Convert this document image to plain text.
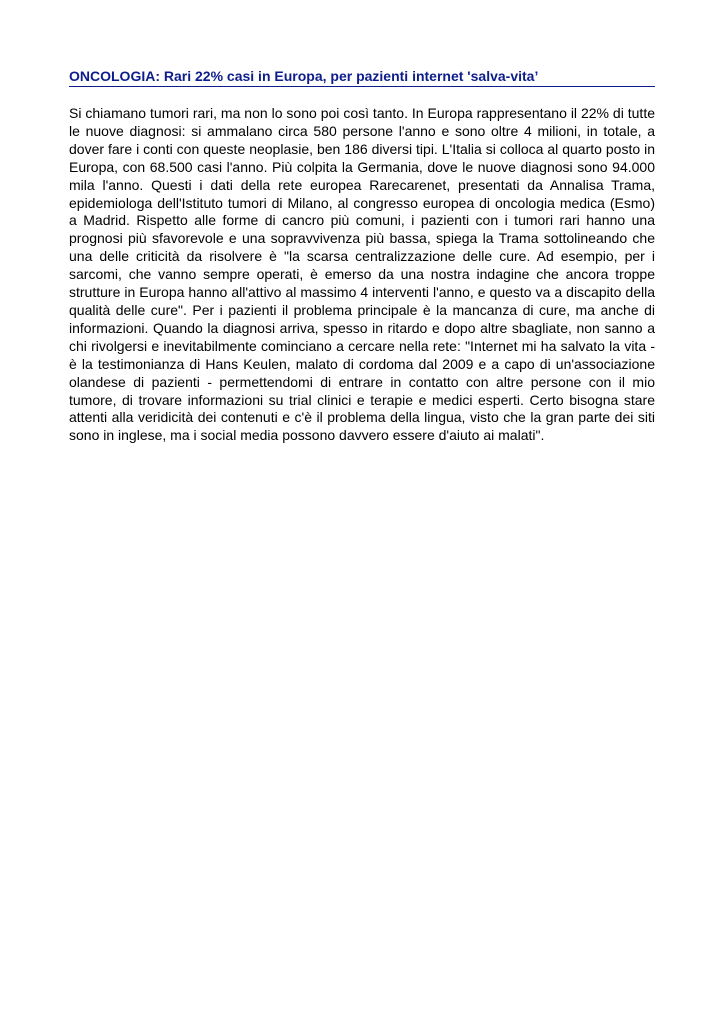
ONCOLOGIA: Rari 22% casi in Europa, per pazienti internet 'salva-vita’

Si chiamano tumori rari, ma non lo sono poi così tanto. In Europa rappresentano il 22% di tutte le nuove diagnosi: si ammalano circa 580 persone l'anno e sono oltre 4 milioni, in totale, a dover fare i conti con queste neoplasie, ben 186 diversi tipi. L'Italia si colloca al quarto posto in Europa, con 68.500 casi l'anno. Più colpita la Germania, dove le nuove diagnosi sono 94.000 mila l'anno. Questi i dati della rete europea Rarecarenet, presentati da Annalisa Trama, epidemiologa dell'Istituto tumori di Milano, al congresso europea di oncologia medica (Esmo) a Madrid. Rispetto alle forme di cancro più comuni, i pazienti con i tumori rari hanno una prognosi più sfavorevole e una sopravvivenza più bassa, spiega la Trama sottolineando che una delle criticità da risolvere è "la scarsa centralizzazione delle cure. Ad esempio, per i sarcomi, che vanno sempre operati, è emerso da una nostra indagine che ancora troppe strutture in Europa hanno all'attivo al massimo 4 interventi l'anno, e questo va a discapito della qualità delle cure". Per i pazienti il problema principale è la mancanza di cure, ma anche di informazioni. Quando la diagnosi arriva, spesso in ritardo e dopo altre sbagliate, non sanno a chi rivolgersi e inevitabilmente cominciano a cercare nella rete: "Internet mi ha salvato la vita - è la testimonianza di Hans Keulen, malato di cordoma dal 2009 e a capo di un'associazione olandese di pazienti - permettendomi di entrare in contatto con altre persone con il mio tumore, di trovare informazioni su trial clinici e terapie e medici esperti. Certo bisogna stare attenti alla veridicità dei contenuti e c'è il problema della lingua, visto che la gran parte dei siti sono in inglese, ma i social media possono davvero essere d'aiuto ai malati".
